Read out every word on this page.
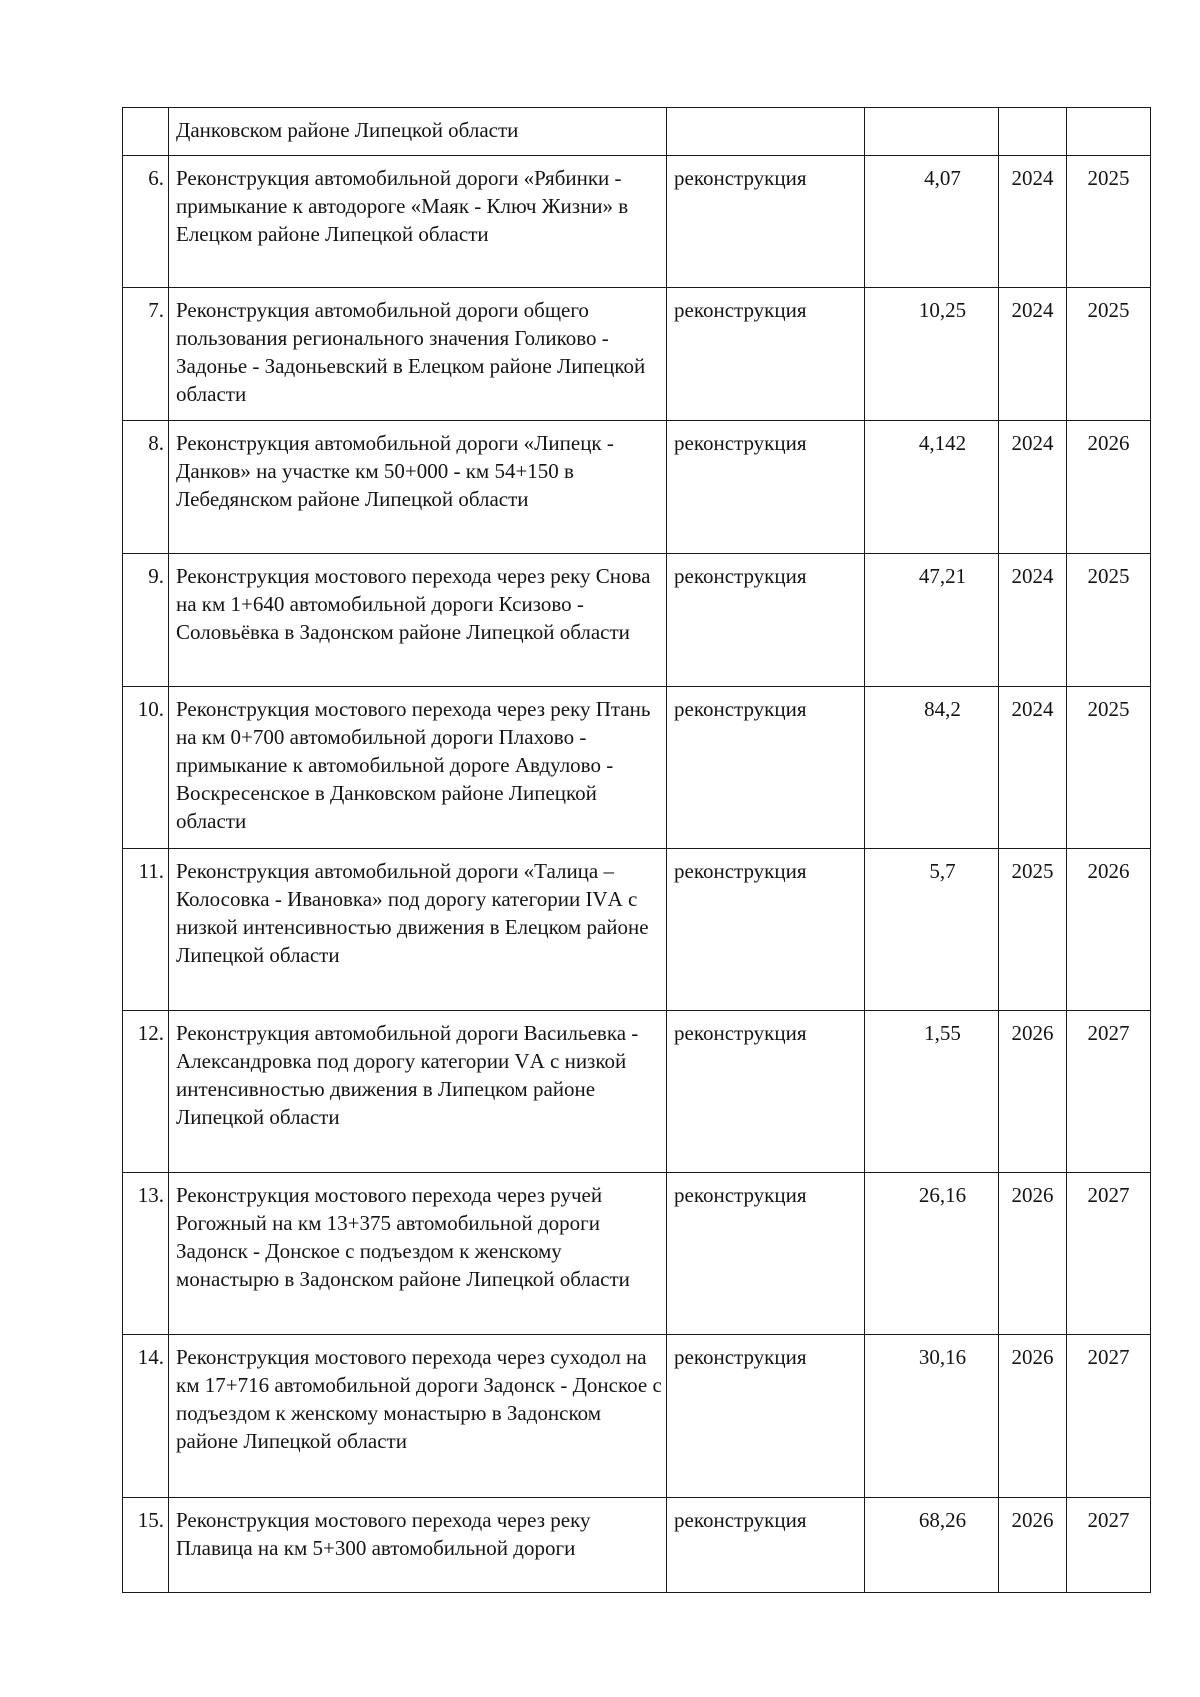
	Данковском районе Липецкой области				
6.	Реконструкция автомобильной дороги «Рябинки - примыкание к автодороге «Маяк - Ключ Жизни» в Елецком районе Липецкой области	реконструкция	4,07	2024	2025
7.	Реконструкция автомобильной дороги общего пользования регионального значения Голиково - Задонье - Задоньевский в Елецком районе Липецкой области	реконструкция	10,25	2024	2025
8.	Реконструкция автомобильной дороги «Липецк - Данков» на участке км 50+000 - км 54+150 в Лебедянском районе Липецкой области	реконструкция	4,142	2024	2026
9.	Реконструкция мостового перехода через реку Снова на км 1+640 автомобильной дороги Ксизово - Соловьёвка в Задонском районе Липецкой области	реконструкция	47,21	2024	2025
10.	Реконструкция мостового перехода через реку Птань на км 0+700 автомобильной дороги Плахово - примыкание к автомобильной дороге Авдулово - Воскресенское в Данковском районе Липецкой области	реконструкция	84,2	2024	2025
11.	Реконструкция автомобильной дороги «Талица – Колосовка - Ивановка» под дорогу категории IVА с низкой интенсивностью движения в Елецком районе Липецкой области	реконструкция	5,7	2025	2026
12.	Реконструкция автомобильной дороги Васильевка - Александровка под дорогу категории VА с низкой интенсивностью движения в Липецком районе Липецкой области	реконструкция	1,55	2026	2027
13.	Реконструкция мостового перехода через ручей Рогожный на км 13+375 автомобильной дороги Задонск - Донское с подъездом к женскому монастырю в Задонском районе Липецкой области	реконструкция	26,16	2026	2027
14.	Реконструкция мостового перехода через суходол на км 17+716 автомобильной дороги Задонск - Донское с подъездом к женскому монастырю в Задонском районе Липецкой области	реконструкция	30,16	2026	2027
15.	Реконструкция мостового перехода через реку Плавица на км 5+300 автомобильной дороги	реконструкция	68,26	2026	2027
